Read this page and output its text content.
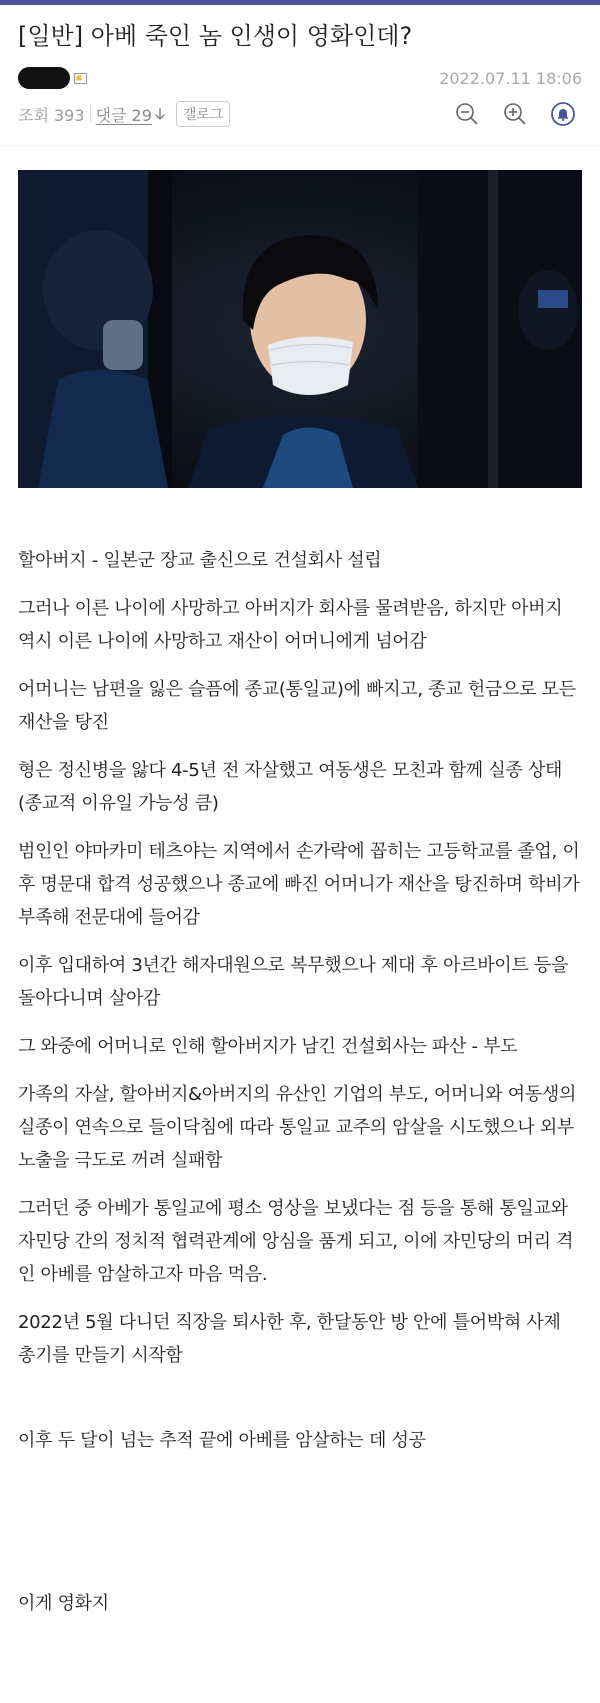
[일반] 아베 죽인 놈 인생이 영화인데?
2022.07.11 18:06
조회 393 댓글 29	갤로그

할아버지 - 일본군 장교 출신으로 건설회사 설립

그러나 이른 나이에 사망하고 아버지가 회사를 물려받음, 하지만 아버지 역시 이른 나이에 사망하고 재산이 어머니에게 넘어감

어머니는 남편을 잃은 슬픔에 종교(통일교)에 빠지고, 종교 헌금으로 모든 재산을 탕진

형은 정신병을 앓다 4-5년 전 자살했고 여동생은 모친과 함께 실종 상태 (종교적 이유일 가능성 큼)

범인인 야마카미 테츠야는 지역에서 손가락에 꼽히는 고등학교를 졸업, 이후 명문대 합격 성공했으나 종교에 빠진 어머니가 재산을 탕진하며 학비가 부족해 전문대에 들어감

이후 입대하여 3년간 해자대원으로 복무했으나 제대 후 아르바이트 등을 돌아다니며 살아감

그 와중에 어머니로 인해 할아버지가 남긴 건설회사는 파산 - 부도

가족의 자살, 할아버지&아버지의 유산인 기업의 부도, 어머니와 여동생의 실종이 연속으로 들이닥침에 따라 통일교 교주의 암살을 시도했으나 외부 노출을 극도로 꺼려 실패함

그러던 중 아베가 통일교에 평소 영상을 보냈다는 점 등을 통해 통일교와 자민당 간의 정치적 협력관계에 앙심을 품게 되고, 이에 자민당의 머리 격인 아베를 암살하고자 마음 먹음.

2022년 5월 다니던 직장을 퇴사한 후, 한달동안 방 안에 틀어박혀 사제 총기를 만들기 시작함

이후 두 달이 넘는 추적 끝에 아베를 암살하는 데 성공

이게 영화지
